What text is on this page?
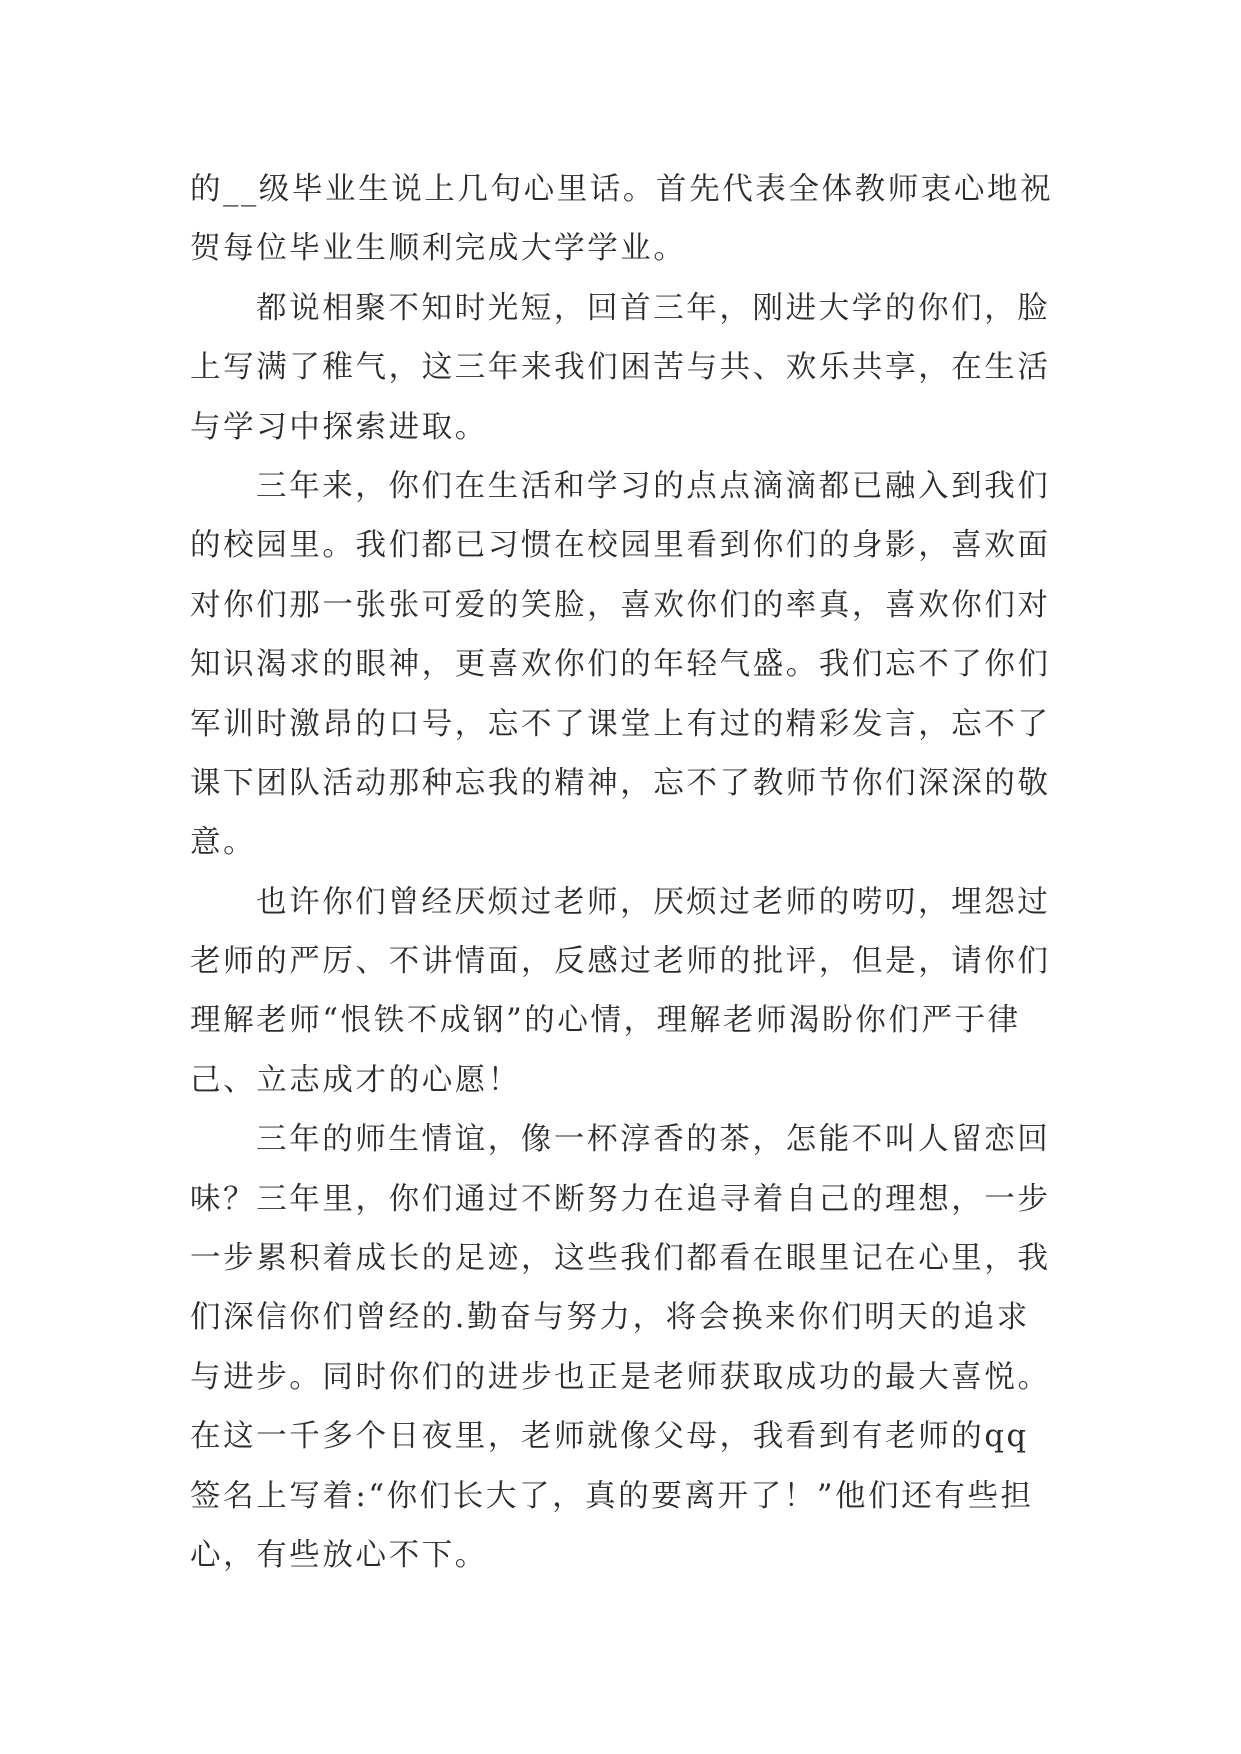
的__级毕业生说上几句心里话。首先代表全体教师衷心地祝
贺每位毕业生顺利完成大学学业。
都说相聚不知时光短，回首三年，刚进大学的你们，脸
上写满了稚气，这三年来我们困苦与共、欢乐共享，在生活
与学习中探索进取。
三年来，你们在生活和学习的点点滴滴都已融入到我们
的校园里。我们都已习惯在校园里看到你们的身影，喜欢面
对你们那一张张可爱的笑脸，喜欢你们的率真，喜欢你们对
知识渴求的眼神，更喜欢你们的年轻气盛。我们忘不了你们
军训时激昂的口号，忘不了课堂上有过的精彩发言，忘不了
课下团队活动那种忘我的精神，忘不了教师节你们深深的敬
意。
也许你们曾经厌烦过老师，厌烦过老师的唠叨，埋怨过
老师的严厉、不讲情面，反感过老师的批评，但是，请你们
理解老师“恨铁不成钢”的心情，理解老师渴盼你们严于律
己、立志成才的心愿！
三年的师生情谊，像一杯淳香的茶，怎能不叫人留恋回
味？三年里，你们通过不断努力在追寻着自己的理想，一步
一步累积着成长的足迹，这些我们都看在眼里记在心里，我
们深信你们曾经的.勤奋与努力，将会换来你们明天的追求
与进步。同时你们的进步也正是老师获取成功的最大喜悦。
在这一千多个日夜里，老师就像父母，我看到有老师的qq
签名上写着:“你们长大了，真的要离开了！”他们还有些担
心，有些放心不下。
